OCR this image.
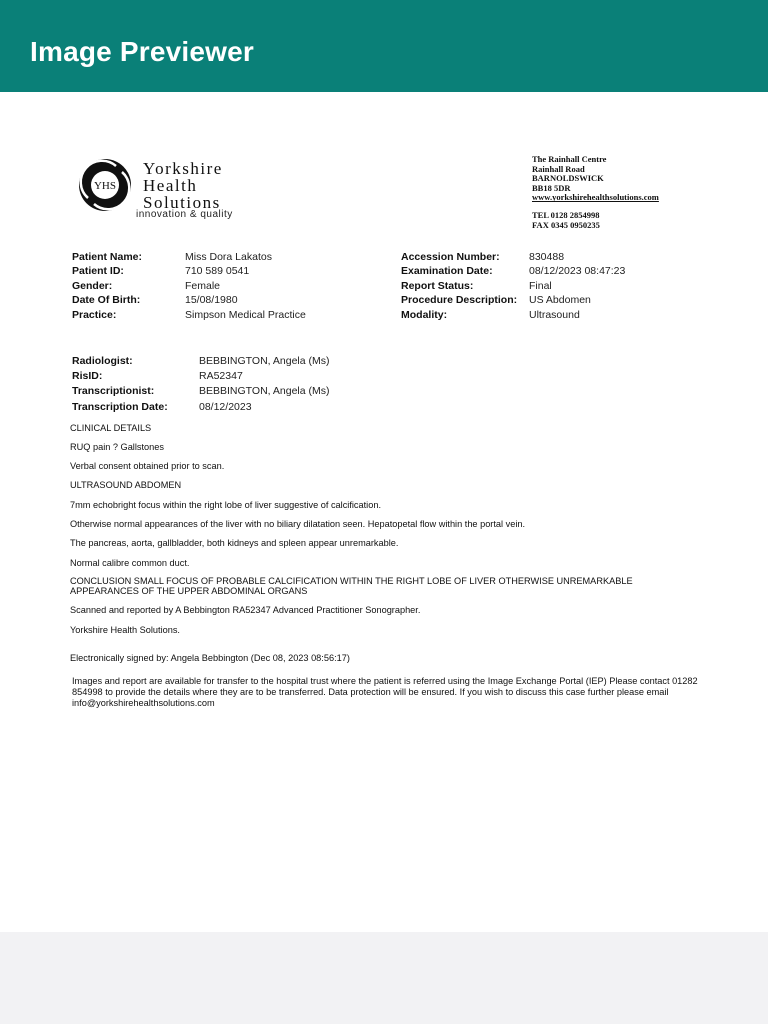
Image Previewer
YHS
Yorkshire
Health
Solutions
innovation & quality
The Rainhall Centre
Rainhall Road
BARNOLDSWICK
BB18 5DR
www.yorkshirehealthsolutions.com
TEL 0128 2854998
FAX 0345 0950235
Patient Name:	Miss Dora Lakatos
Patient ID:	710 589 0541
Gender:	Female
Date Of Birth:	15/08/1980
Practice:	Simpson Medical Practice
Accession Number:	830488
Examination Date:	08/12/2023 08:47:23
Report Status:	Final
Procedure Description: US Abdomen
Modality:	Ultrasound
Radiologist:	BEBBINGTON, Angela (Ms)
RisID:	RA52347
Transcriptionist:	BEBBINGTON, Angela (Ms)
Transcription Date:	08/12/2023
CLINICAL DETAILS
RUQ pain ? Gallstones
Verbal consent obtained prior to scan.
ULTRASOUND ABDOMEN
7mm echobright focus within the right lobe of liver suggestive of calcification.
Otherwise normal appearances of the liver with no biliary dilatation seen. Hepatopetal flow within the portal vein.
The pancreas, aorta, gallbladder, both kidneys and spleen appear unremarkable.
Normal calibre common duct.
CONCLUSION SMALL FOCUS OF PROBABLE CALCIFICATION WITHIN THE RIGHT LOBE OF LIVER OTHERWISE UNREMARKABLE APPEARANCES OF THE UPPER ABDOMINAL ORGANS
Scanned and reported by A Bebbington RA52347 Advanced Practitioner Sonographer.
Yorkshire Health Solutions.
Electronically signed by: Angela Bebbington (Dec 08, 2023 08:56:17)
Images and report are available for transfer to the hospital trust where the patient is referred using the Image Exchange Portal (IEP) Please contact 01282 854998 to provide the details where they are to be transferred. Data protection will be ensured. If you wish to discuss this case further please email info@yorkshirehealthsolutions.com
